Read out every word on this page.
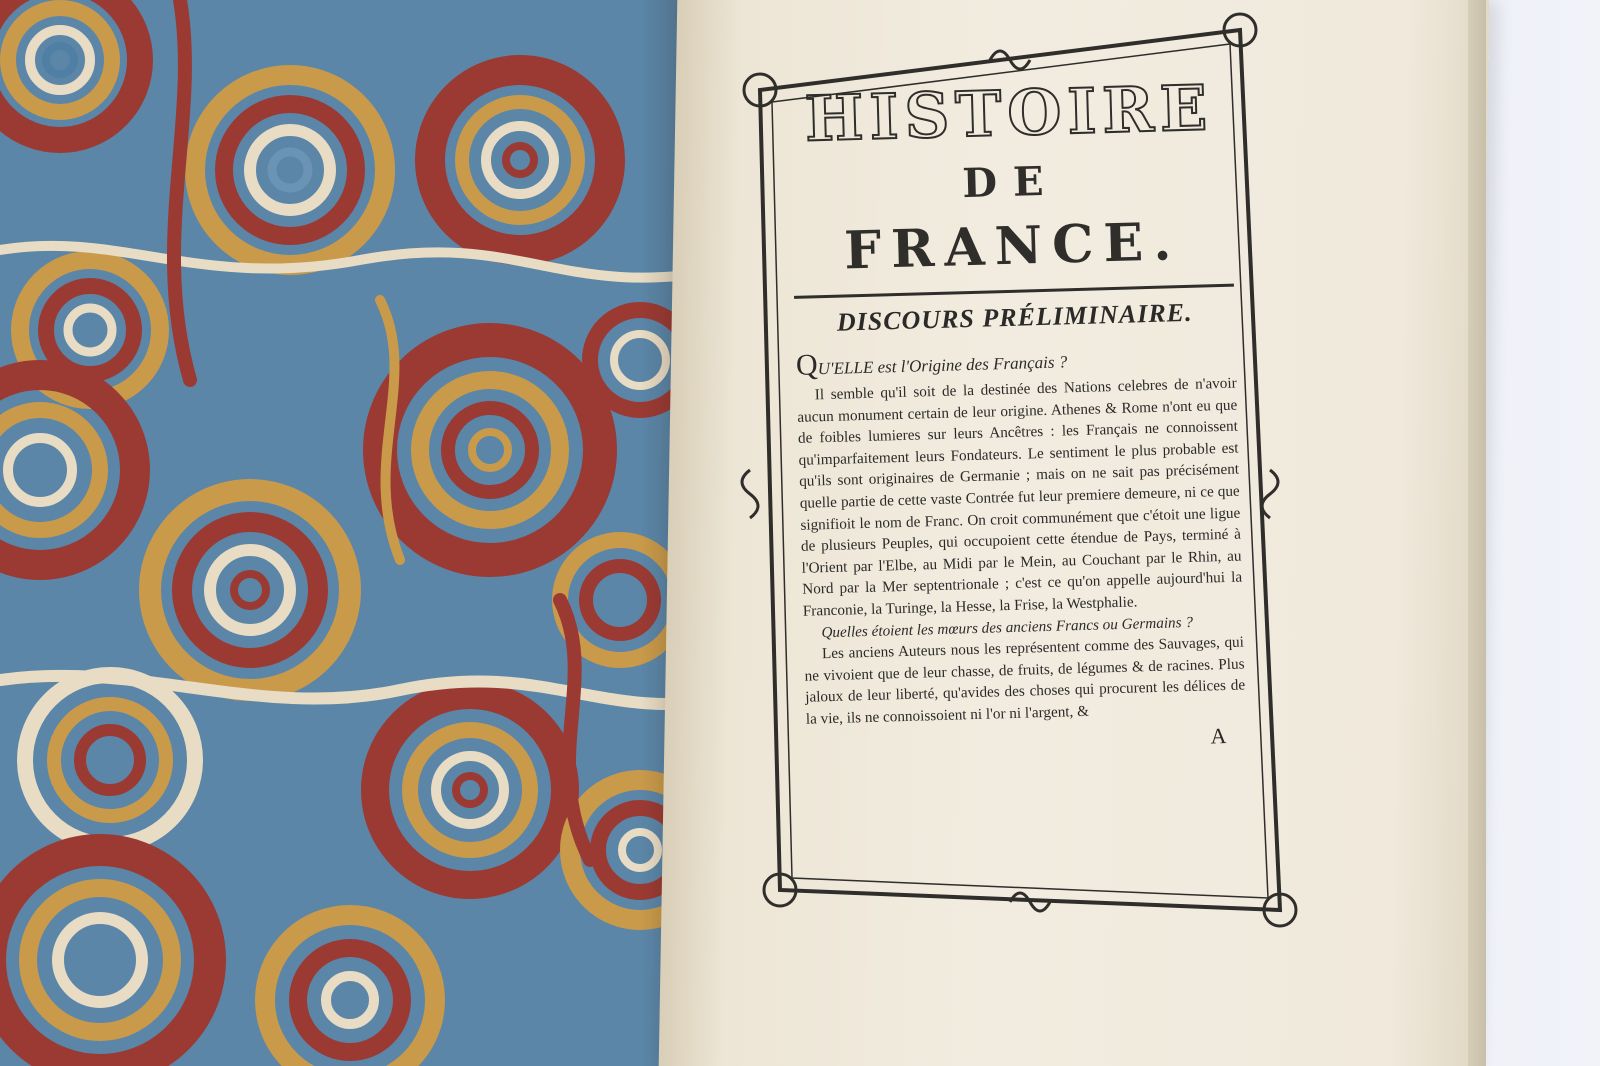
HISTOIRE

DE

FRANCE.

DISCOURS PRÉLIMINAIRE.

QU'ELLE est l'Origine des Français ?

Il semble qu'il soit de la destinée des Nations celebres de n'avoir aucun monument certain de leur origine. Athenes & Rome n'ont eu que de foibles lumieres sur leurs Ancêtres : les Français ne connoissent qu'imparfaitement leurs Fondateurs. Le sentiment le plus probable est qu'ils sont originaires de Germanie ; mais on ne sait pas précisément quelle partie de cette vaste Contrée fut leur premiere demeure, ni ce que signifioit le nom de Franc. On croit communément que c'étoit une ligue de plusieurs Peuples, qui occupoient cette étendue de Pays, terminé à l'Orient par l'Elbe, au Midi par le Mein, au Couchant par le Rhin, au Nord par la Mer septentrionale ; c'est ce qu'on appelle aujourd'hui la Franconie, la Turinge, la Hesse, la Frise, la Westphalie.

Quelles étoient les mœurs des anciens Francs ou Germains ?

Les anciens Auteurs nous les représentent comme des Sauvages, qui ne vivoient que de leur chasse, de fruits, de légumes & de racines. Plus jaloux de leur liberté, qu'avides des choses qui procurent les délices de la vie, ils ne connoissoient ni l'or ni l'argent, &

A
